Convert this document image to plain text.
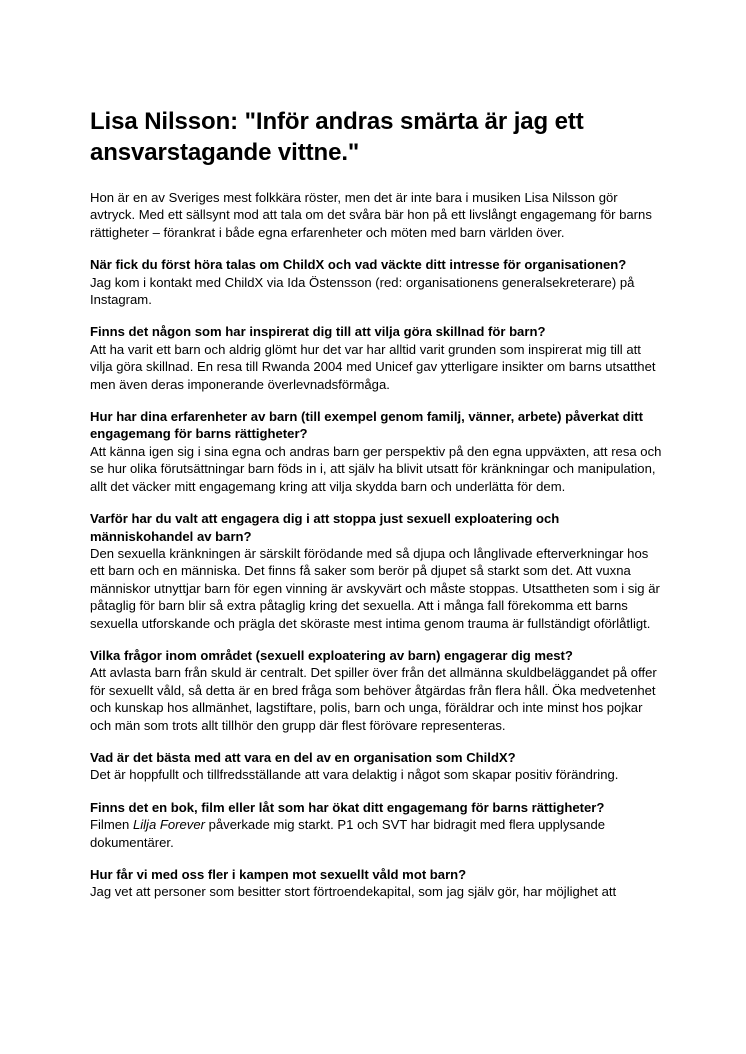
Lisa Nilsson: "Inför andras smärta är jag ett ansvarstagande vittne."

Hon är en av Sveriges mest folkkära röster, men det är inte bara i musiken Lisa Nilsson gör avtryck. Med ett sällsynt mod att tala om det svåra bär hon på ett livslångt engagemang för barns rättigheter – förankrat i både egna erfarenheter och möten med barn världen över.

När fick du först höra talas om ChildX och vad väckte ditt intresse för organisationen?

Jag kom i kontakt med ChildX via Ida Östensson (red: organisationens generalsekreterare) på Instagram.

Finns det någon som har inspirerat dig till att vilja göra skillnad för barn?

Att ha varit ett barn och aldrig glömt hur det var har alltid varit grunden som inspirerat mig till att vilja göra skillnad. En resa till Rwanda 2004 med Unicef gav ytterligare insikter om barns utsatthet men även deras imponerande överlevnadsförmåga.

Hur har dina erfarenheter av barn (till exempel genom familj, vänner, arbete) påverkat ditt engagemang för barns rättigheter?

Att känna igen sig i sina egna och andras barn ger perspektiv på den egna uppväxten, att resa och se hur olika förutsättningar barn föds in i, att själv ha blivit utsatt för kränkningar och manipulation, allt det väcker mitt engagemang kring att vilja skydda barn och underlätta för dem.

Varför har du valt att engagera dig i att stoppa just sexuell exploatering och människohandel av barn?

Den sexuella kränkningen är särskilt förödande med så djupa och långlivade efterverkningar hos ett barn och en människa. Det finns få saker som berör på djupet så starkt som det. Att vuxna människor utnyttjar barn för egen vinning är avskyvärt och måste stoppas. Utsattheten som i sig är påtaglig för barn blir så extra påtaglig kring det sexuella. Att i många fall förekomma ett barns sexuella utforskande och prägla det sköraste mest intima genom trauma är fullständigt oförlåtligt.

Vilka frågor inom området (sexuell exploatering av barn) engagerar dig mest?

Att avlasta barn från skuld är centralt. Det spiller över från det allmänna skuldbeläggandet på offer för sexuellt våld, så detta är en bred fråga som behöver åtgärdas från flera håll. Öka medvetenhet och kunskap hos allmänhet, lagstiftare, polis, barn och unga, föräldrar och inte minst hos pojkar och män som trots allt tillhör den grupp där flest förövare representeras.

Vad är det bästa med att vara en del av en organisation som ChildX?

Det är hoppfullt och tillfredsställande att vara delaktig i något som skapar positiv förändring.

Finns det en bok, film eller låt som har ökat ditt engagemang för barns rättigheter?

Filmen Lilja Forever påverkade mig starkt. P1 och SVT har bidragit med flera upplysande dokumentärer.

Hur får vi med oss fler i kampen mot sexuellt våld mot barn?

Jag vet att personer som besitter stort förtroendekapital, som jag själv gör, har möjlighet att
